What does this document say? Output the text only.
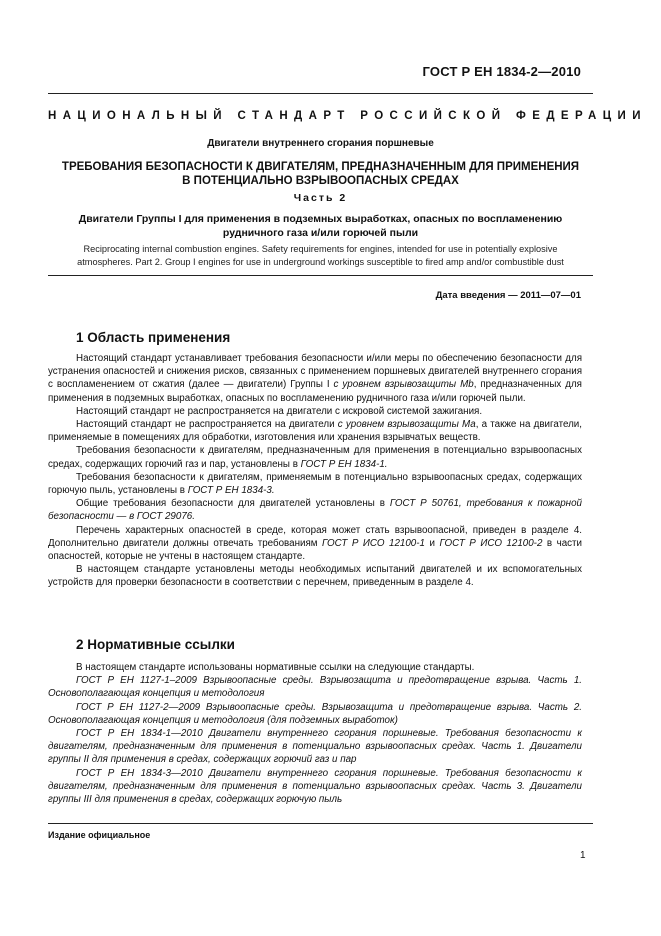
ГОСТ Р ЕН 1834-2—2010
НАЦИОНАЛЬНЫЙ СТАНДАРТ РОССИЙСКОЙ ФЕДЕРАЦИИ
Двигатели внутреннего сгорания поршневые
ТРЕБОВАНИЯ БЕЗОПАСНОСТИ К ДВИГАТЕЛЯМ, ПРЕДНАЗНАЧЕННЫМ ДЛЯ ПРИМЕНЕНИЯ
В ПОТЕНЦИАЛЬНО ВЗРЫВООПАСНЫХ СРЕДАХ
Часть 2
Двигатели Группы I для применения в подземных выработках, опасных по воспламенению
рудничного газа и/или горючей пыли
Reciprocating internal combustion engines. Safety requirements for engines, intended for use in potentially explosive
atmospheres. Part 2. Group I engines for use in underground workings susceptible to fired amp and/or combustible dust
Дата введения — 2011—07—01
1 Область применения

Настоящий стандарт устанавливает требования безопасности и/или меры по обеспечению безопасности для устранения опасностей и снижения рисков, связанных с применением поршневых двигателей внутреннего сгорания с воспламенением от сжатия (далее — двигатели) Группы I с уровнем взрывозащиты Mb, предназначенных для применения в подземных выработках, опасных по воспламенению рудничного газа и/или горючей пыли.

Настоящий стандарт не распространяется на двигатели с искровой системой зажигания.

Настоящий стандарт не распространяется на двигатели с уровнем взрывозащиты Ма, а также на двигатели, применяемые в помещениях для обработки, изготовления или хранения взрывчатых веществ.

Требования безопасности к двигателям, предназначенным для применения в потенциально взрывоопасных средах, содержащих горючий газ и пар, установлены в ГОСТ Р ЕН 1834-1.

Требования безопасности к двигателям, применяемым в потенциально взрывоопасных средах, содержащих горючую пыль, установлены в ГОСТ Р ЕН 1834-3.

Общие требования безопасности для двигателей установлены в ГОСТ Р 50761, требования к пожарной безопасности — в ГОСТ 29076.

Перечень характерных опасностей в среде, которая может стать взрывоопасной, приведен в разделе 4. Дополнительно двигатели должны отвечать требованиям ГОСТ Р ИСО 12100-1 и ГОСТ Р ИСО 12100-2 в части опасностей, которые не учтены в настоящем стандарте.

В настоящем стандарте установлены методы необходимых испытаний двигателей и их вспомогательных устройств для проверки безопасности в соответствии с перечнем, приведенным в разделе 4.

2 Нормативные ссылки

В настоящем стандарте использованы нормативные ссылки на следующие стандарты.

ГОСТ Р ЕН 1127-1–2009 Взрывоопасные среды. Взрывозащита и предотвращение взрыва. Часть 1. Основополагающая концепция и методология

ГОСТ Р ЕН 1127-2—2009 Взрывоопасные среды. Взрывозащита и предотвращение взрыва. Часть 2. Основополагающая концепция и методология (для подземных выработок)

ГОСТ Р ЕН 1834-1—2010 Двигатели внутреннего сгорания поршневые. Требования безопасности к двигателям, предназначенным для применения в потенциально взрывоопасных средах. Часть 1. Двигатели группы II для применения в средах, содержащих горючий газ и пар

ГОСТ Р ЕН 1834-3—2010 Двигатели внутреннего сгорания поршневые. Требования безопасности к двигателям, предназначенным для применения в потенциально взрывоопасных средах. Часть 3. Двигатели группы III для применения в средах, содержащих горючую пыль

Издание официальное
1
